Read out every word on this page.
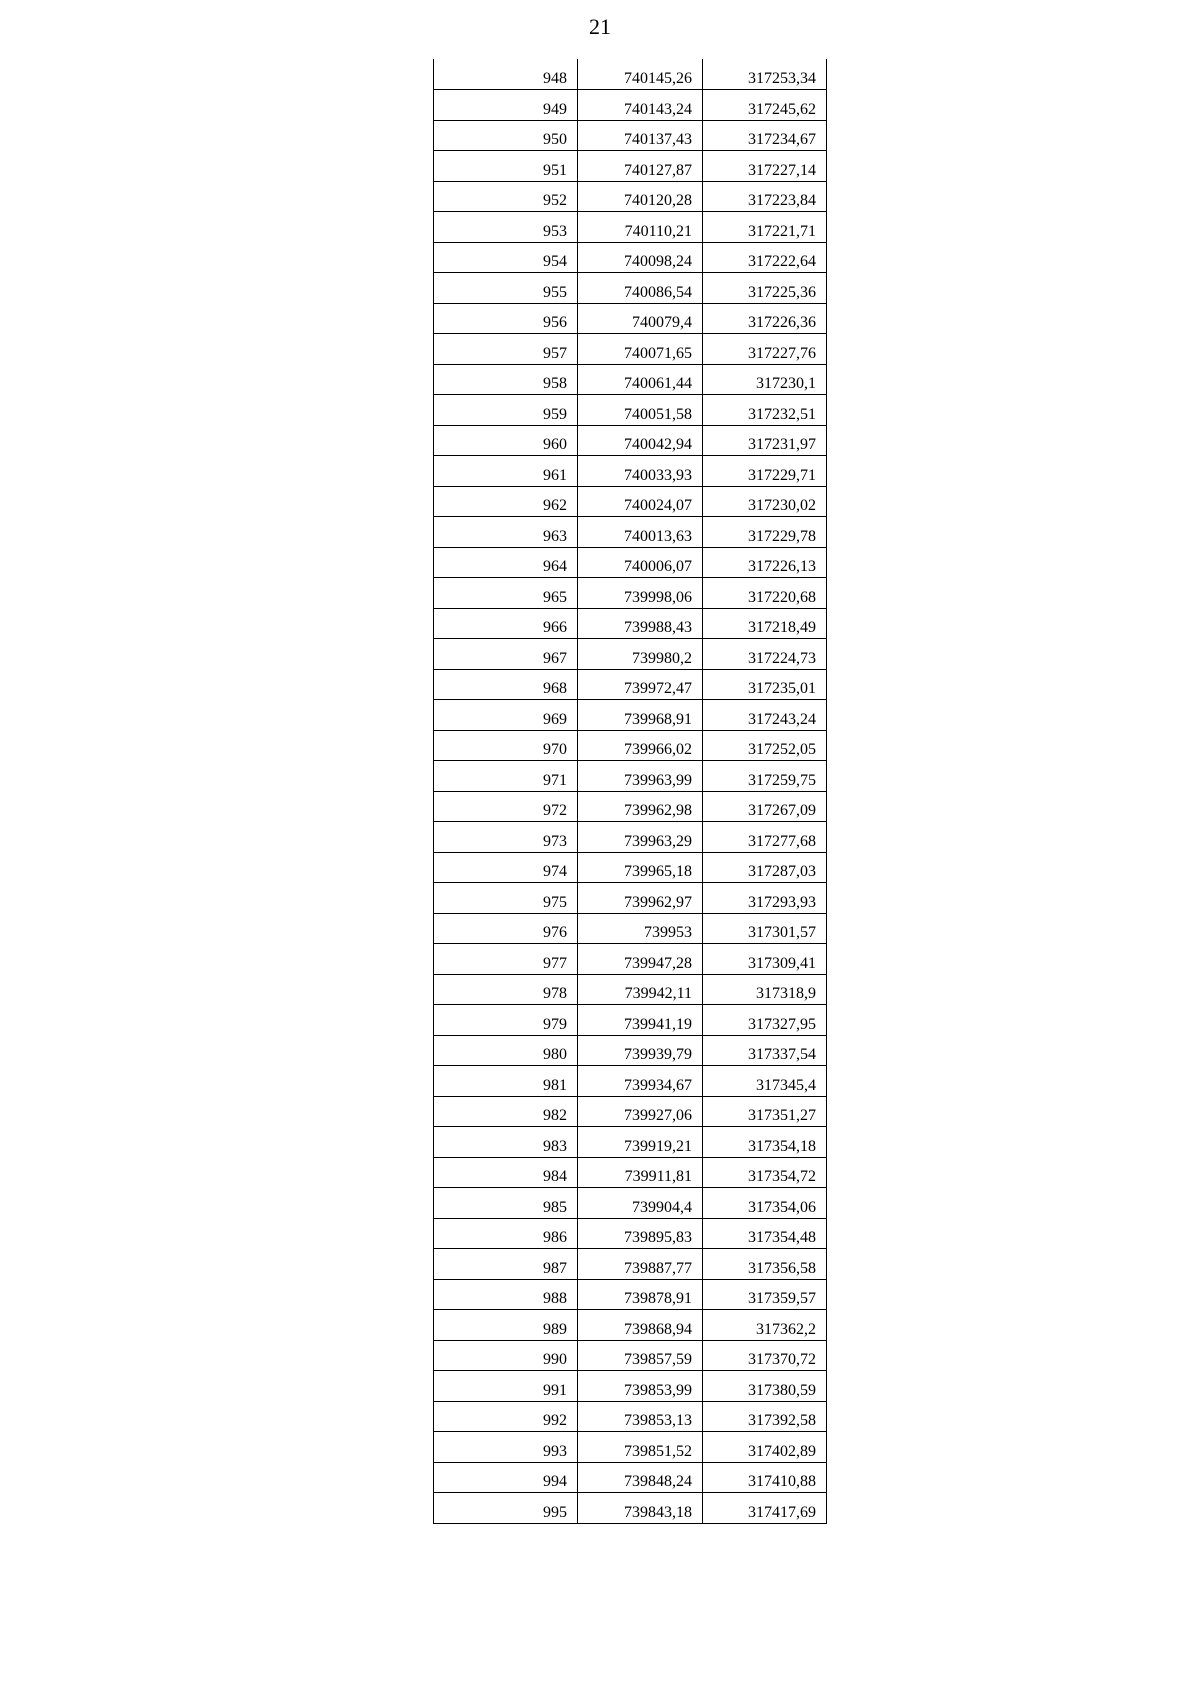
21
948	740145,26	317253,34
949	740143,24	317245,62
950	740137,43	317234,67
951	740127,87	317227,14
952	740120,28	317223,84
953	740110,21	317221,71
954	740098,24	317222,64
955	740086,54	317225,36
956	740079,4	317226,36
957	740071,65	317227,76
958	740061,44	317230,1
959	740051,58	317232,51
960	740042,94	317231,97
961	740033,93	317229,71
962	740024,07	317230,02
963	740013,63	317229,78
964	740006,07	317226,13
965	739998,06	317220,68
966	739988,43	317218,49
967	739980,2	317224,73
968	739972,47	317235,01
969	739968,91	317243,24
970	739966,02	317252,05
971	739963,99	317259,75
972	739962,98	317267,09
973	739963,29	317277,68
974	739965,18	317287,03
975	739962,97	317293,93
976	739953	317301,57
977	739947,28	317309,41
978	739942,11	317318,9
979	739941,19	317327,95
980	739939,79	317337,54
981	739934,67	317345,4
982	739927,06	317351,27
983	739919,21	317354,18
984	739911,81	317354,72
985	739904,4	317354,06
986	739895,83	317354,48
987	739887,77	317356,58
988	739878,91	317359,57
989	739868,94	317362,2
990	739857,59	317370,72
991	739853,99	317380,59
992	739853,13	317392,58
993	739851,52	317402,89
994	739848,24	317410,88
995	739843,18	317417,69
